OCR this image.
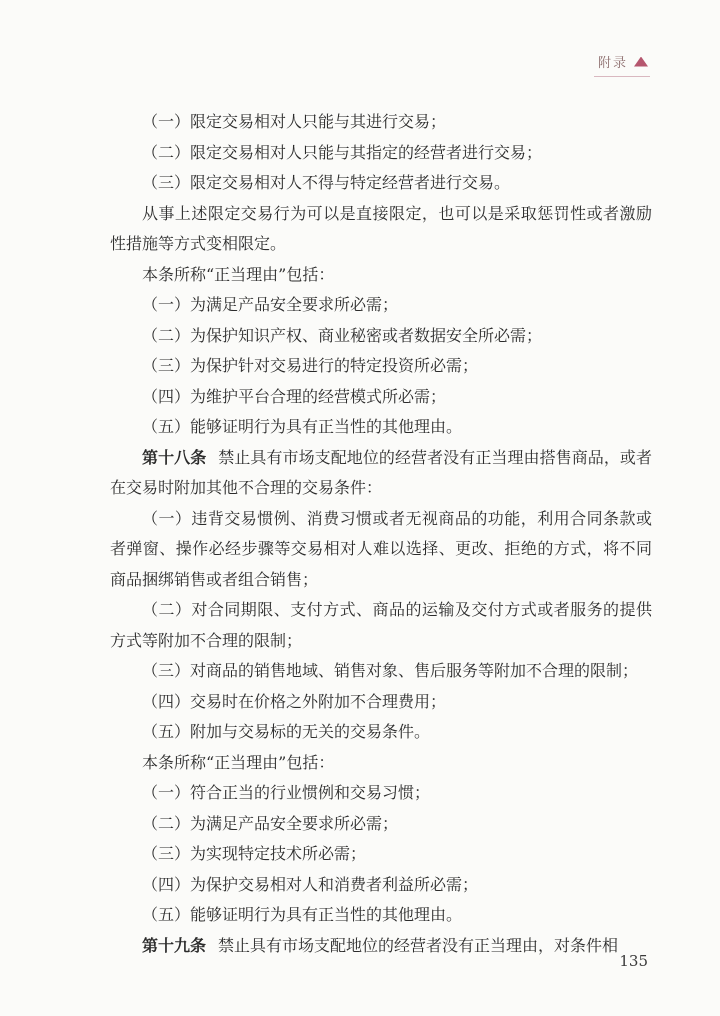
附录

（一）限定交易相对人只能与其进行交易；

（二）限定交易相对人只能与其指定的经营者进行交易；

（三）限定交易相对人不得与特定经营者进行交易。

从事上述限定交易行为可以是直接限定，也可以是采取惩罚性或者激励性措施等方式变相限定。

本条所称“正当理由”包括：

（一）为满足产品安全要求所必需；

（二）为保护知识产权、商业秘密或者数据安全所必需；

（三）为保护针对交易进行的特定投资所必需；

（四）为维护平台合理的经营模式所必需；

（五）能够证明行为具有正当性的其他理由。

第十八条 禁止具有市场支配地位的经营者没有正当理由搭售商品，或者在交易时附加其他不合理的交易条件：

（一）违背交易惯例、消费习惯或者无视商品的功能，利用合同条款或者弹窗、操作必经步骤等交易相对人难以选择、更改、拒绝的方式，将不同商品捆绑销售或者组合销售；

（二）对合同期限、支付方式、商品的运输及交付方式或者服务的提供方式等附加不合理的限制；

（三）对商品的销售地域、销售对象、售后服务等附加不合理的限制；

（四）交易时在价格之外附加不合理费用；

（五）附加与交易标的无关的交易条件。

本条所称“正当理由”包括：

（一）符合正当的行业惯例和交易习惯；

（二）为满足产品安全要求所必需；

（三）为实现特定技术所必需；

（四）为保护交易相对人和消费者利益所必需；

（五）能够证明行为具有正当性的其他理由。

第十九条 禁止具有市场支配地位的经营者没有正当理由，对条件相

135
